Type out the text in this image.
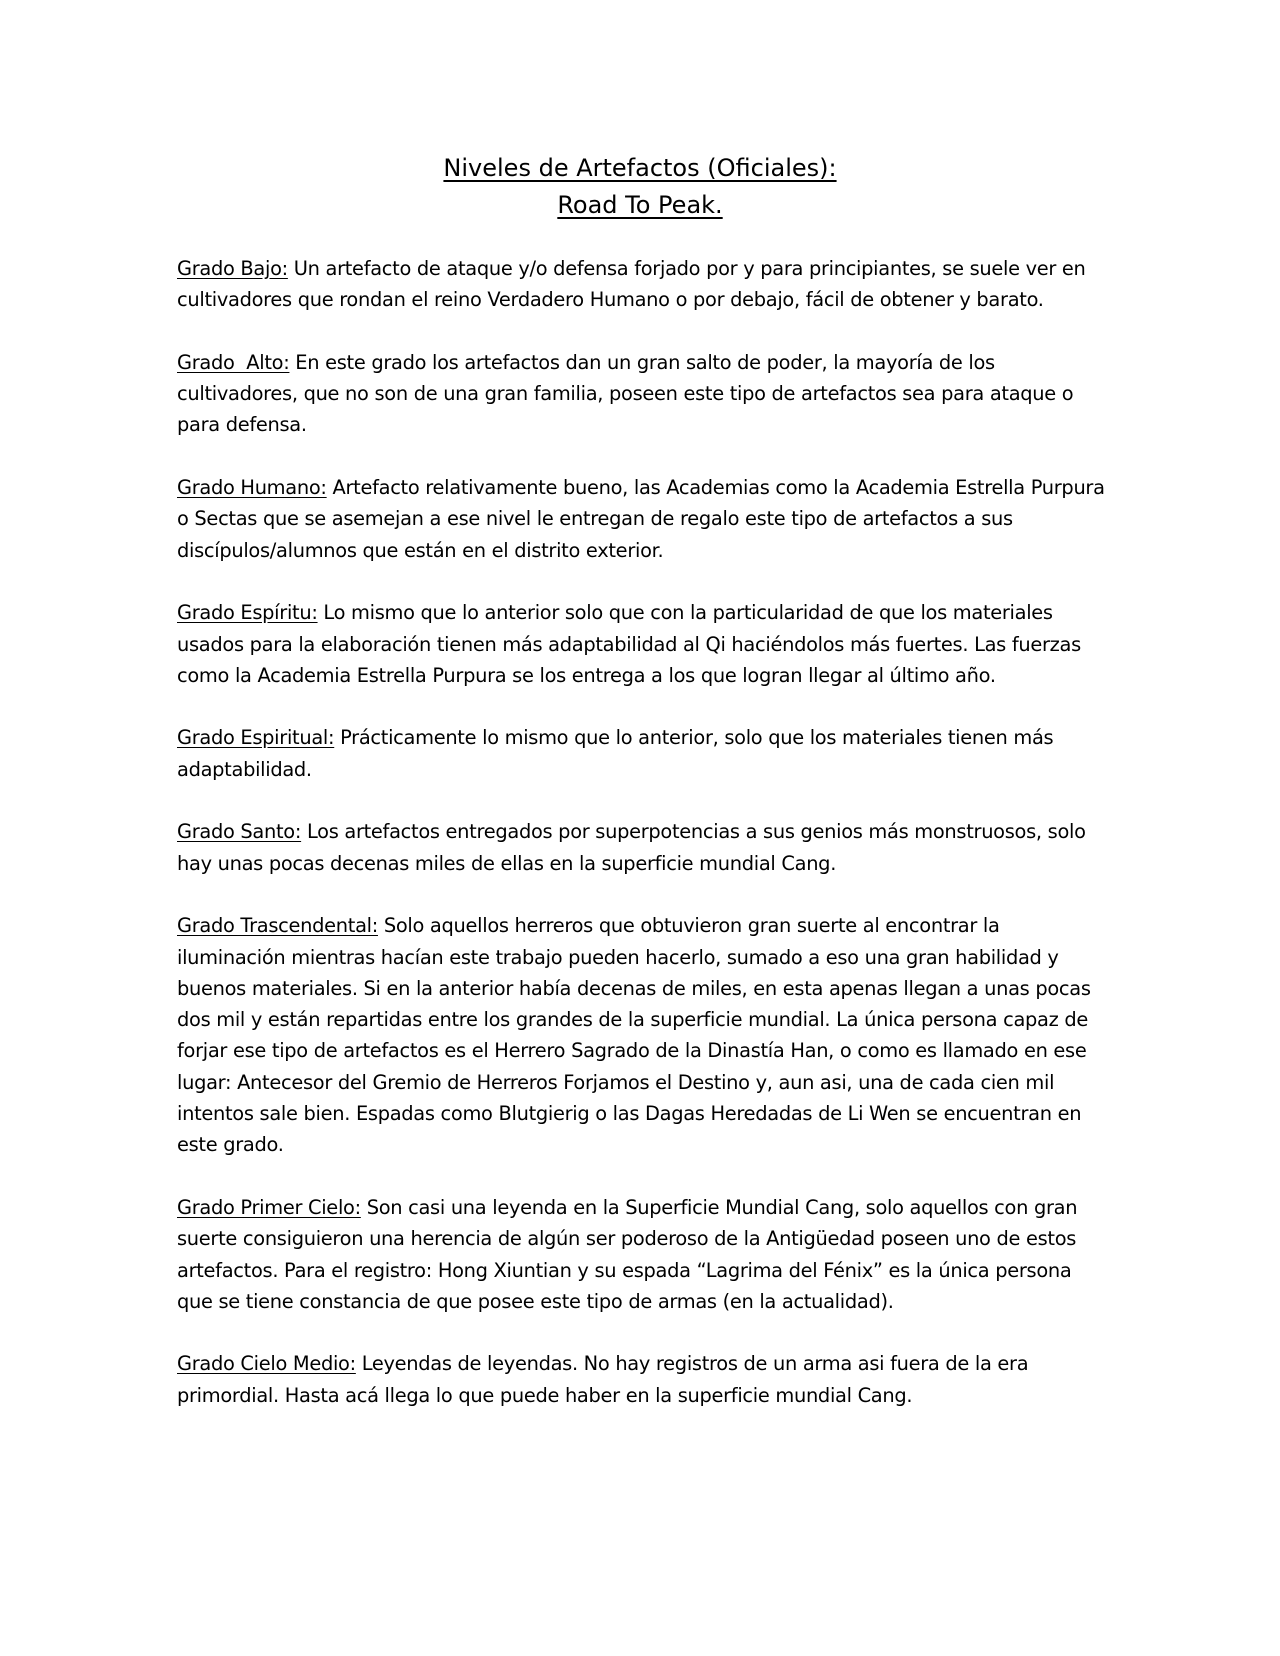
Niveles de Artefactos (Oficiales):
Road To Peak.

Grado Bajo: Un artefacto de ataque y/o defensa forjado por y para principiantes, se suele ver en cultivadores que rondan el reino Verdadero Humano o por debajo, fácil de obtener y barato.

Grado  Alto: En este grado los artefactos dan un gran salto de poder, la mayoría de los cultivadores, que no son de una gran familia, poseen este tipo de artefactos sea para ataque o para defensa.

Grado Humano: Artefacto relativamente bueno, las Academias como la Academia Estrella Purpura o Sectas que se asemejan a ese nivel le entregan de regalo este tipo de artefactos a sus discípulos/alumnos que están en el distrito exterior.

Grado Espíritu: Lo mismo que lo anterior solo que con la particularidad de que los materiales usados para la elaboración tienen más adaptabilidad al Qi haciéndolos más fuertes. Las fuerzas como la Academia Estrella Purpura se los entrega a los que logran llegar al último año.

Grado Espiritual: Prácticamente lo mismo que lo anterior, solo que los materiales tienen más adaptabilidad.

Grado Santo: Los artefactos entregados por superpotencias a sus genios más monstruosos, solo hay unas pocas decenas miles de ellas en la superficie mundial Cang.

Grado Trascendental: Solo aquellos herreros que obtuvieron gran suerte al encontrar la iluminación mientras hacían este trabajo pueden hacerlo, sumado a eso una gran habilidad y buenos materiales. Si en la anterior había decenas de miles, en esta apenas llegan a unas pocas dos mil y están repartidas entre los grandes de la superficie mundial. La única persona capaz de forjar ese tipo de artefactos es el Herrero Sagrado de la Dinastía Han, o como es llamado en ese lugar: Antecesor del Gremio de Herreros Forjamos el Destino y, aun asi, una de cada cien mil intentos sale bien. Espadas como Blutgierig o las Dagas Heredadas de Li Wen se encuentran en este grado.

Grado Primer Cielo: Son casi una leyenda en la Superficie Mundial Cang, solo aquellos con gran suerte consiguieron una herencia de algún ser poderoso de la Antigüedad poseen uno de estos artefactos. Para el registro: Hong Xiuntian y su espada “Lagrima del Fénix” es la única persona que se tiene constancia de que posee este tipo de armas (en la actualidad).

Grado Cielo Medio: Leyendas de leyendas. No hay registros de un arma asi fuera de la era primordial. Hasta acá llega lo que puede haber en la superficie mundial Cang.
